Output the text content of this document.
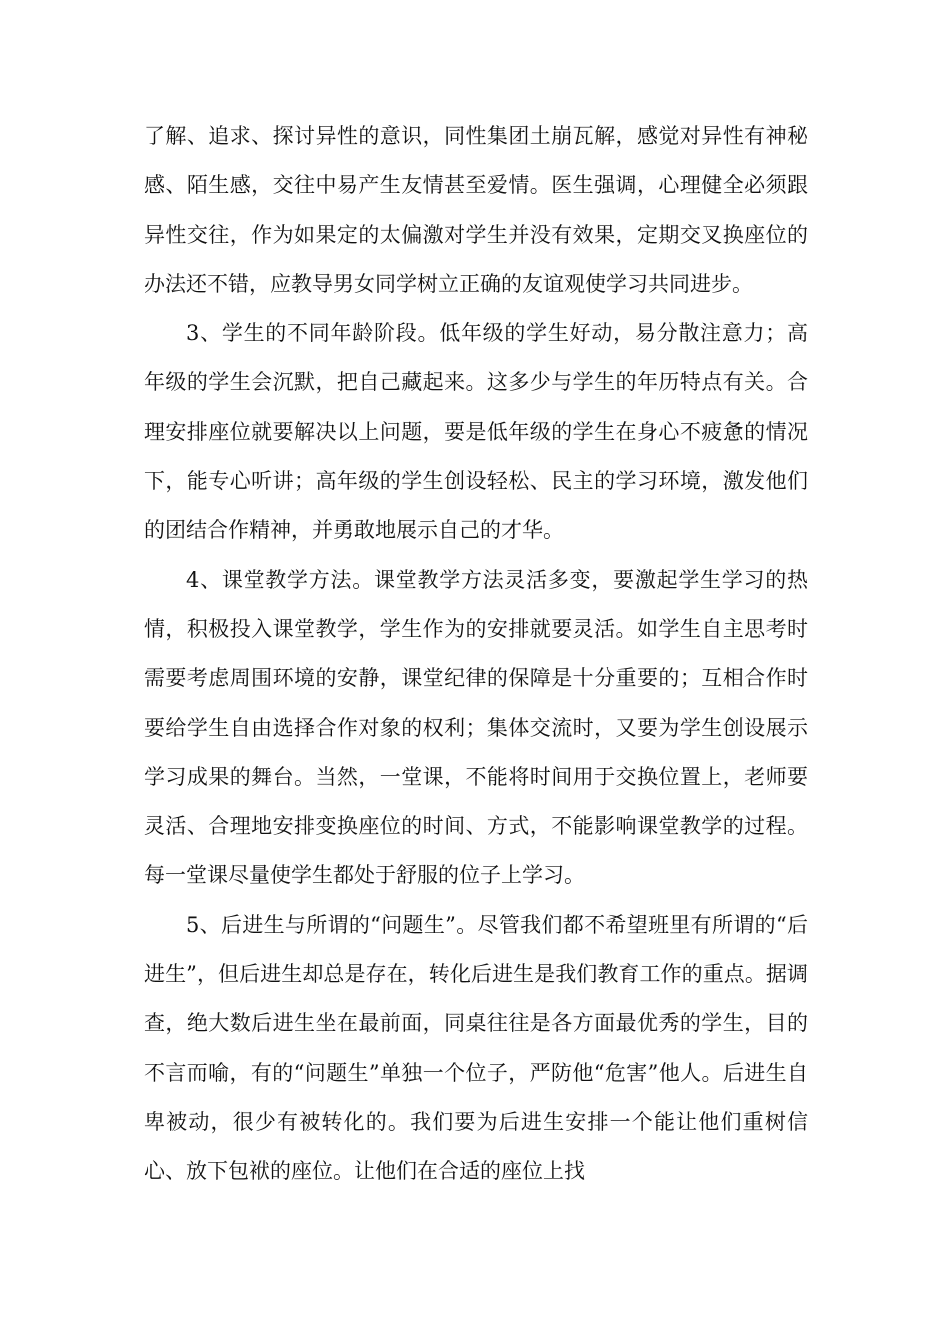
了解、追求、探讨异性的意识，同性集团土崩瓦解，感觉对异性有神秘感、陌生感，交往中易产生友情甚至爱情。医生强调，心理健全必须跟异性交往，作为如果定的太偏激对学生并没有效果，定期交叉换座位的办法还不错，应教导男女同学树立正确的友谊观使学习共同进步。

3、学生的不同年龄阶段。低年级的学生好动，易分散注意力；高年级的学生会沉默，把自己藏起来。这多少与学生的年历特点有关。合理安排座位就要解决以上问题，要是低年级的学生在身心不疲惫的情况下，能专心听讲；高年级的学生创设轻松、民主的学习环境，激发他们的团结合作精神，并勇敢地展示自己的才华。

4、课堂教学方法。课堂教学方法灵活多变，要激起学生学习的热情，积极投入课堂教学，学生作为的安排就要灵活。如学生自主思考时需要考虑周围环境的安静，课堂纪律的保障是十分重要的；互相合作时要给学生自由选择合作对象的权利；集体交流时，又要为学生创设展示学习成果的舞台。当然，一堂课，不能将时间用于交换位置上，老师要灵活、合理地安排变换座位的时间、方式，不能影响课堂教学的过程。每一堂课尽量使学生都处于舒服的位子上学习。

5、后进生与所谓的“问题生”。尽管我们都不希望班里有所谓的“后进生”，但后进生却总是存在，转化后进生是我们教育工作的重点。据调查，绝大数后进生坐在最前面，同桌往往是各方面最优秀的学生，目的不言而喻，有的“问题生”单独一个位子，严防他“危害”他人。后进生自卑被动，很少有被转化的。我们要为后进生安排一个能让他们重树信心、放下包袱的座位。让他们在合适的座位上找
